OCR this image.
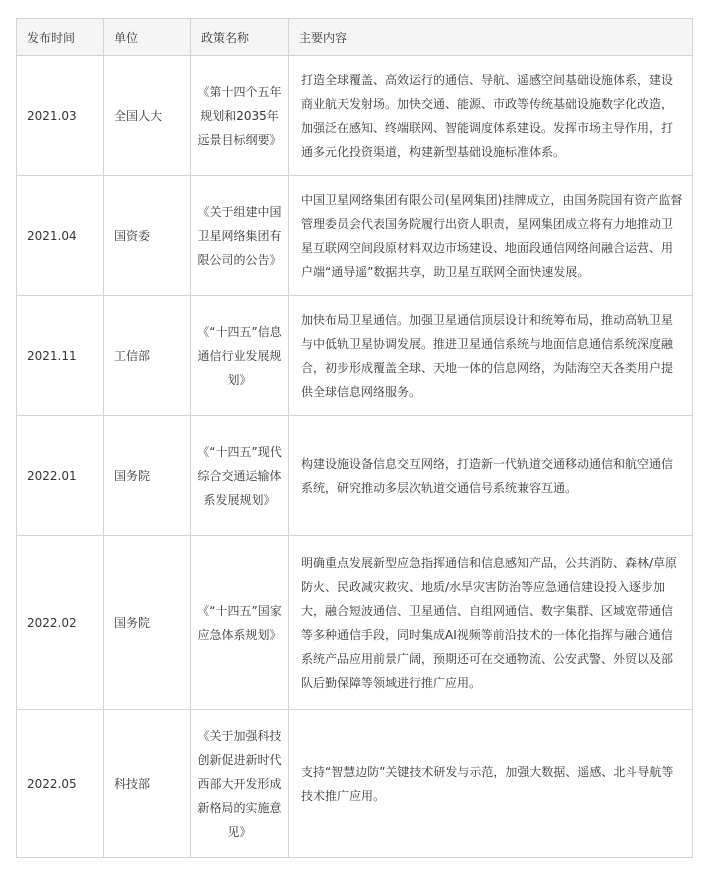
发布时间	单位	政策名称	主要内容
2021.03	全国人大	《第十四个五年规划和2035年远景目标纲要》	打造全球覆盖、高效运行的通信、导航、遥感空间基础设施体系，建设商业航天发射场。加快交通、能源、市政等传统基础设施数字化改造，加强泛在感知、终端联网、智能调度体系建设。发挥市场主导作用，打通多元化投资渠道，构建新型基础设施标准体系。
2021.04	国资委	《关于组建中国卫星网络集团有限公司的公告》	中国卫星网络集团有限公司(星网集团)挂牌成立，由国务院国有资产监督管理委员会代表国务院履行出资人职责，星网集团成立将有力地推动卫星互联网空间段原材料双边市场建设、地面段通信网络间融合运营、用户端“通导遥”数据共享，助卫星互联网全面快速发展。
2021.11	工信部	《“十四五”信息通信行业发展规划》	加快布局卫星通信。加强卫星通信顶层设计和统筹布局，推动高轨卫星与中低轨卫星协调发展。推进卫星通信系统与地面信息通信系统深度融合，初步形成覆盖全球、天地一体的信息网络，为陆海空天各类用户提供全球信息网络服务。
2022.01	国务院	《“十四五”现代综合交通运输体系发展规划》	构建设施设备信息交互网络，打造新一代轨道交通移动通信和航空通信系统，研究推动多层次轨道交通信号系统兼容互通。
2022.02	国务院	《“十四五”国家应急体系规划》	明确重点发展新型应急指挥通信和信息感知产品，公共消防、森林/草原防火、民政减灾救灾、地质/水旱灾害防治等应急通信建设投入逐步加大，融合短波通信、卫星通信、自组网通信、数字集群、区域宽带通信等多种通信手段，同时集成AI视频等前沿技术的一体化指挥与融合通信系统产品应用前景广阔，预期还可在交通物流、公安武警、外贸以及部队后勤保障等领域进行推广应用。
2022.05	科技部	《关于加强科技创新促进新时代西部大开发形成新格局的实施意见》	支持“智慧边防”关键技术研发与示范，加强大数据、遥感、北斗导航等技术推广应用。
